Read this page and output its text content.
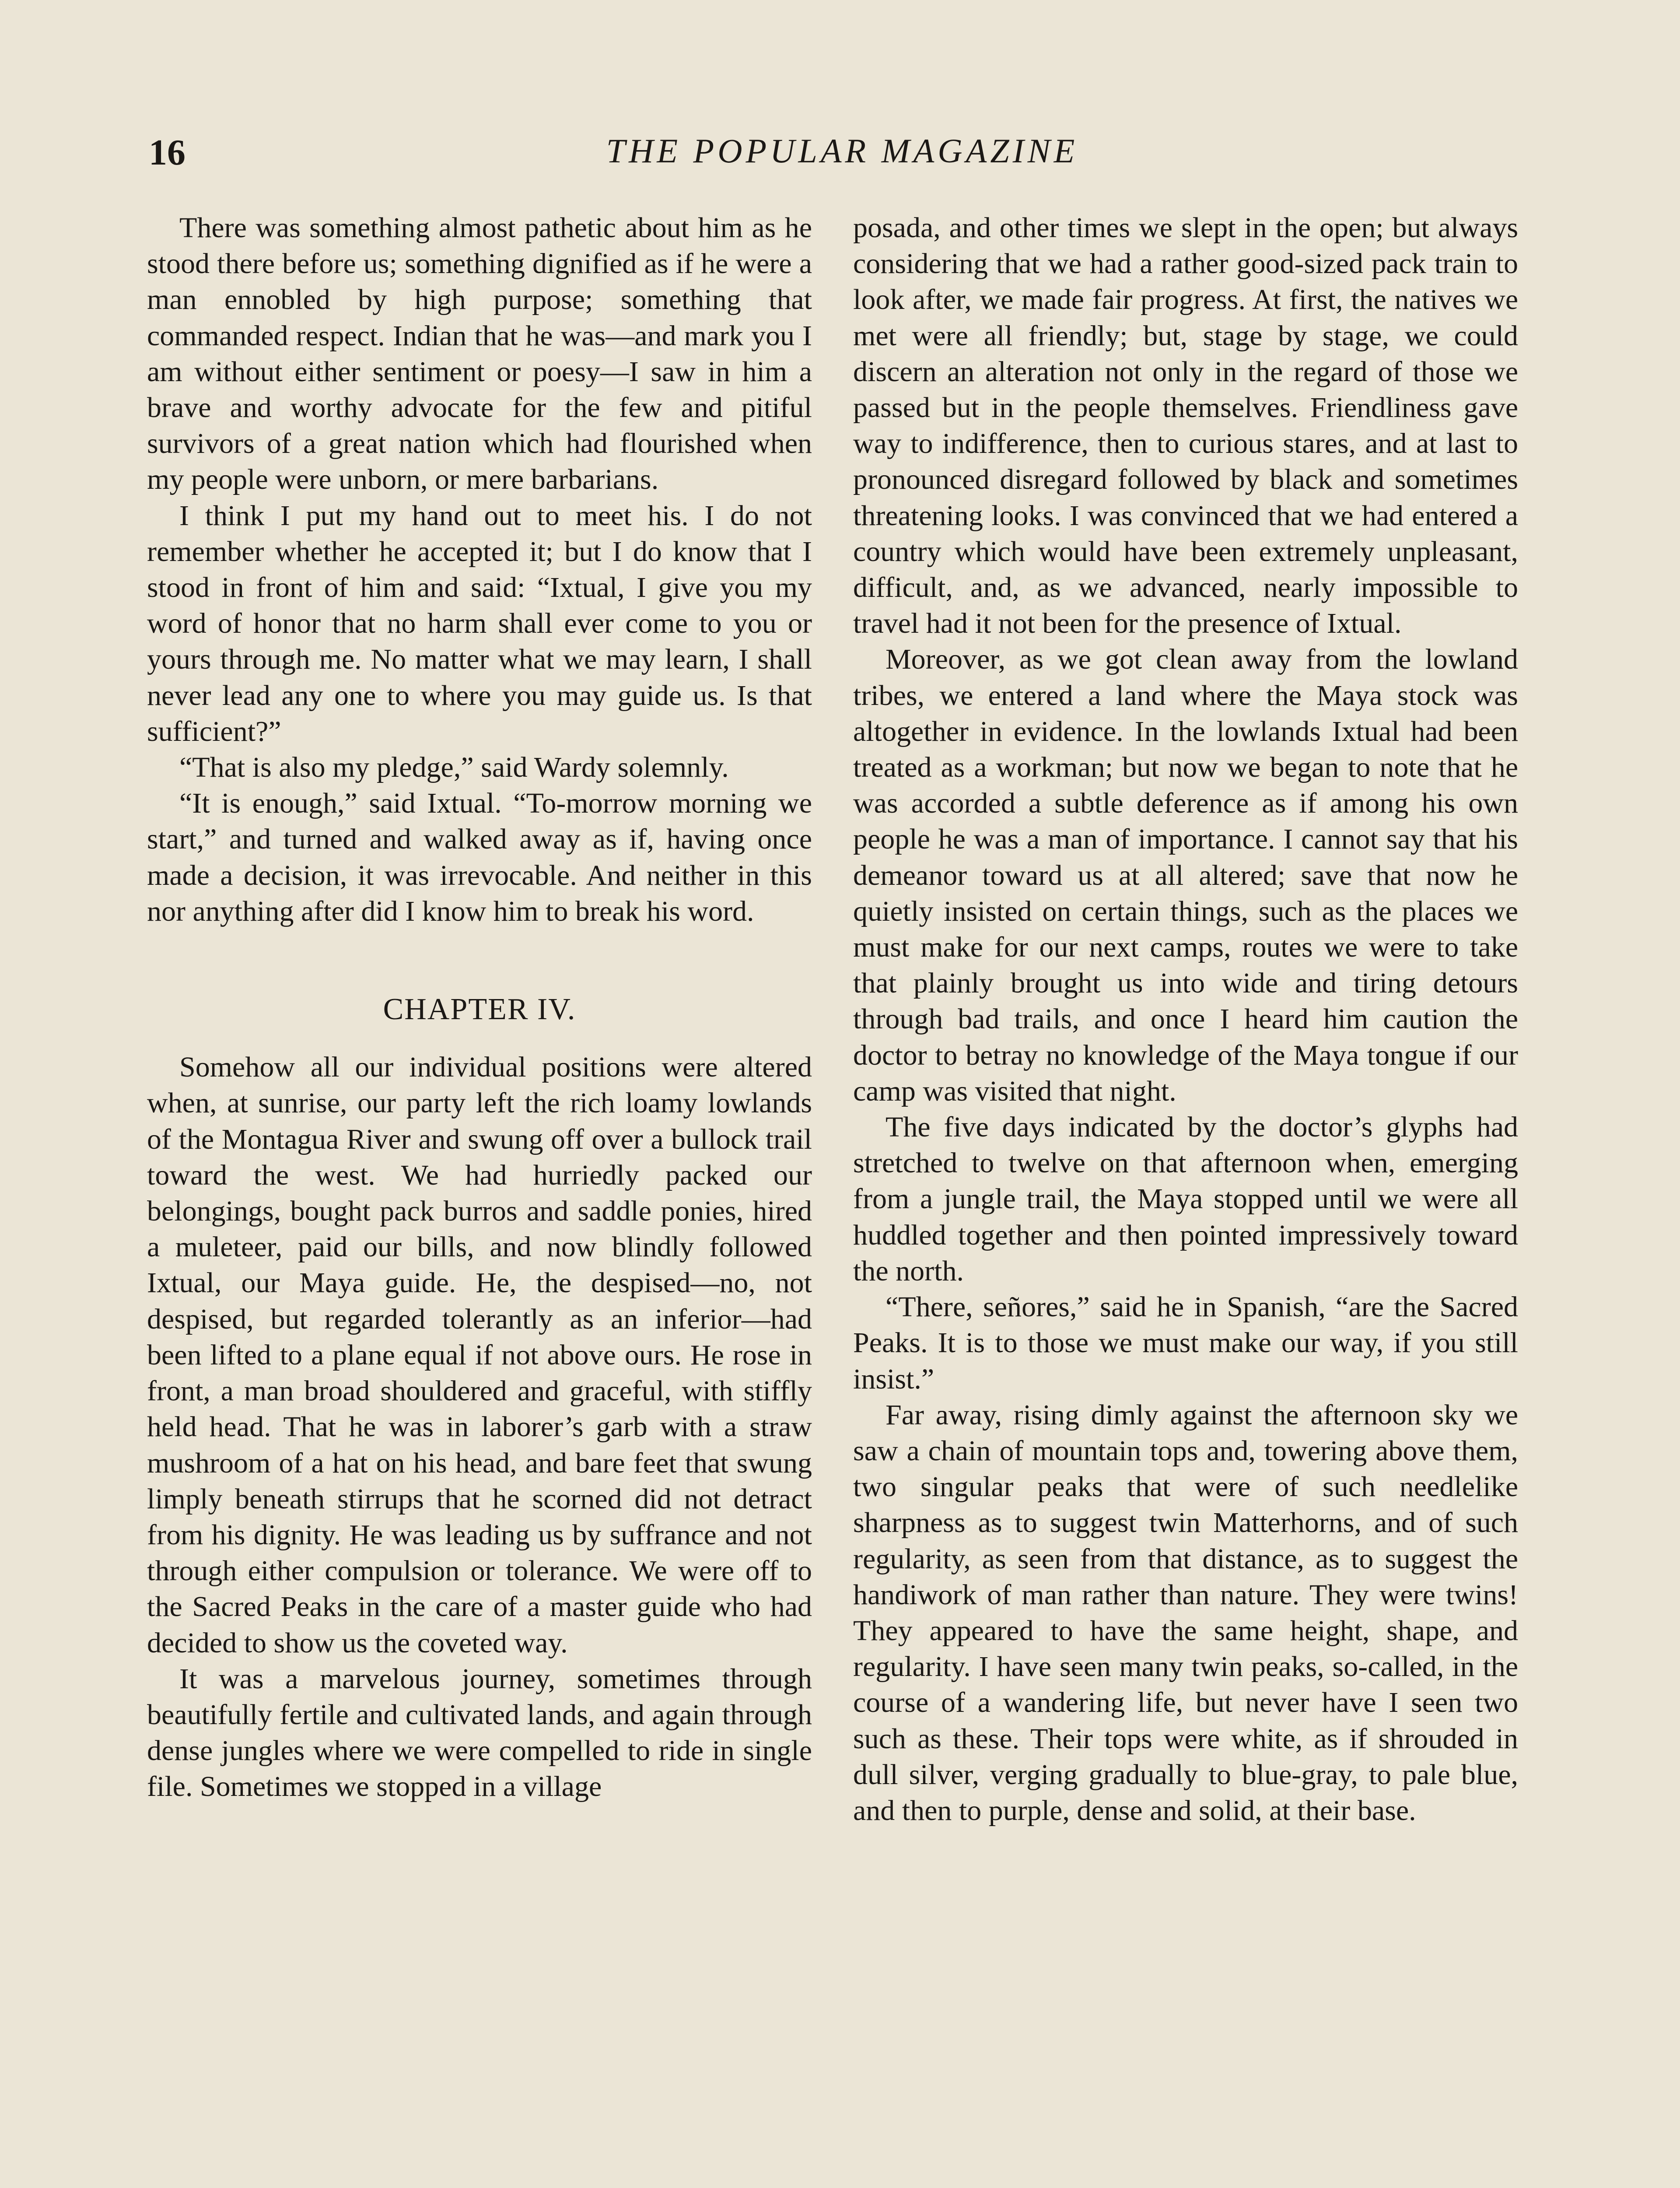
16	THE POPULAR MAGAZINE

There was something almost pathetic about him as he stood there before us; something dignified as if he were a man ennobled by high purpose; something that commanded respect. Indian that he was—and mark you I am without either sentiment or poesy—I saw in him a brave and worthy advocate for the few and pitiful survivors of a great nation which had flourished when my people were unborn, or mere barbarians.

I think I put my hand out to meet his. I do not remember whether he accepted it; but I do know that I stood in front of him and said: “Ixtual, I give you my word of honor that no harm shall ever come to you or yours through me. No matter what we may learn, I shall never lead any one to where you may guide us. Is that sufficient?”

“That is also my pledge,” said Wardy solemnly.

“It is enough,” said Ixtual. “To-morrow morning we start,” and turned and walked away as if, having once made a decision, it was irrevocable. And neither in this nor anything after did I know him to break his word.

CHAPTER IV.

Somehow all our individual positions were altered when, at sunrise, our party left the rich loamy lowlands of the Montagua River and swung off over a bullock trail toward the west. We had hurriedly packed our belongings, bought pack burros and saddle ponies, hired a muleteer, paid our bills, and now blindly followed Ixtual, our Maya guide. He, the despised—no, not despised, but regarded tolerantly as an inferior—had been lifted to a plane equal if not above ours. He rose in front, a man broad shouldered and graceful, with stiffly held head. That he was in laborer’s garb with a straw mushroom of a hat on his head, and bare feet that swung limply beneath stirrups that he scorned did not detract from his dignity. He was leading us by suffrance and not through either compulsion or tolerance. We were off to the Sacred Peaks in the care of a master guide who had decided to show us the coveted way.

It was a marvelous journey, sometimes through beautifully fertile and cultivated lands, and again through dense jungles where we were compelled to ride in single file. Sometimes we stopped in a village

posada, and other times we slept in the open; but always considering that we had a rather good-sized pack train to look after, we made fair progress. At first, the natives we met were all friendly; but, stage by stage, we could discern an alteration not only in the regard of those we passed but in the people themselves. Friendliness gave way to indifference, then to curious stares, and at last to pronounced disregard followed by black and sometimes threatening looks. I was convinced that we had entered a country which would have been extremely unpleasant, difficult, and, as we advanced, nearly impossible to travel had it not been for the presence of Ixtual.

Moreover, as we got clean away from the lowland tribes, we entered a land where the Maya stock was altogether in evidence. In the lowlands Ixtual had been treated as a workman; but now we began to note that he was accorded a subtle deference as if among his own people he was a man of importance. I cannot say that his demeanor toward us at all altered; save that now he quietly insisted on certain things, such as the places we must make for our next camps, routes we were to take that plainly brought us into wide and tiring detours through bad trails, and once I heard him caution the doctor to betray no knowledge of the Maya tongue if our camp was visited that night.

The five days indicated by the doctor’s glyphs had stretched to twelve on that afternoon when, emerging from a jungle trail, the Maya stopped until we were all huddled together and then pointed impressively toward the north.

“There, señores,” said he in Spanish, “are the Sacred Peaks. It is to those we must make our way, if you still insist.”

Far away, rising dimly against the afternoon sky we saw a chain of mountain tops and, towering above them, two singular peaks that were of such needlelike sharpness as to suggest twin Matterhorns, and of such regularity, as seen from that distance, as to suggest the handiwork of man rather than nature. They were twins! They appeared to have the same height, shape, and regularity. I have seen many twin peaks, so-called, in the course of a wandering life, but never have I seen two such as these. Their tops were white, as if shrouded in dull silver, verging gradually to blue-gray, to pale blue, and then to purple, dense and solid, at their base.
